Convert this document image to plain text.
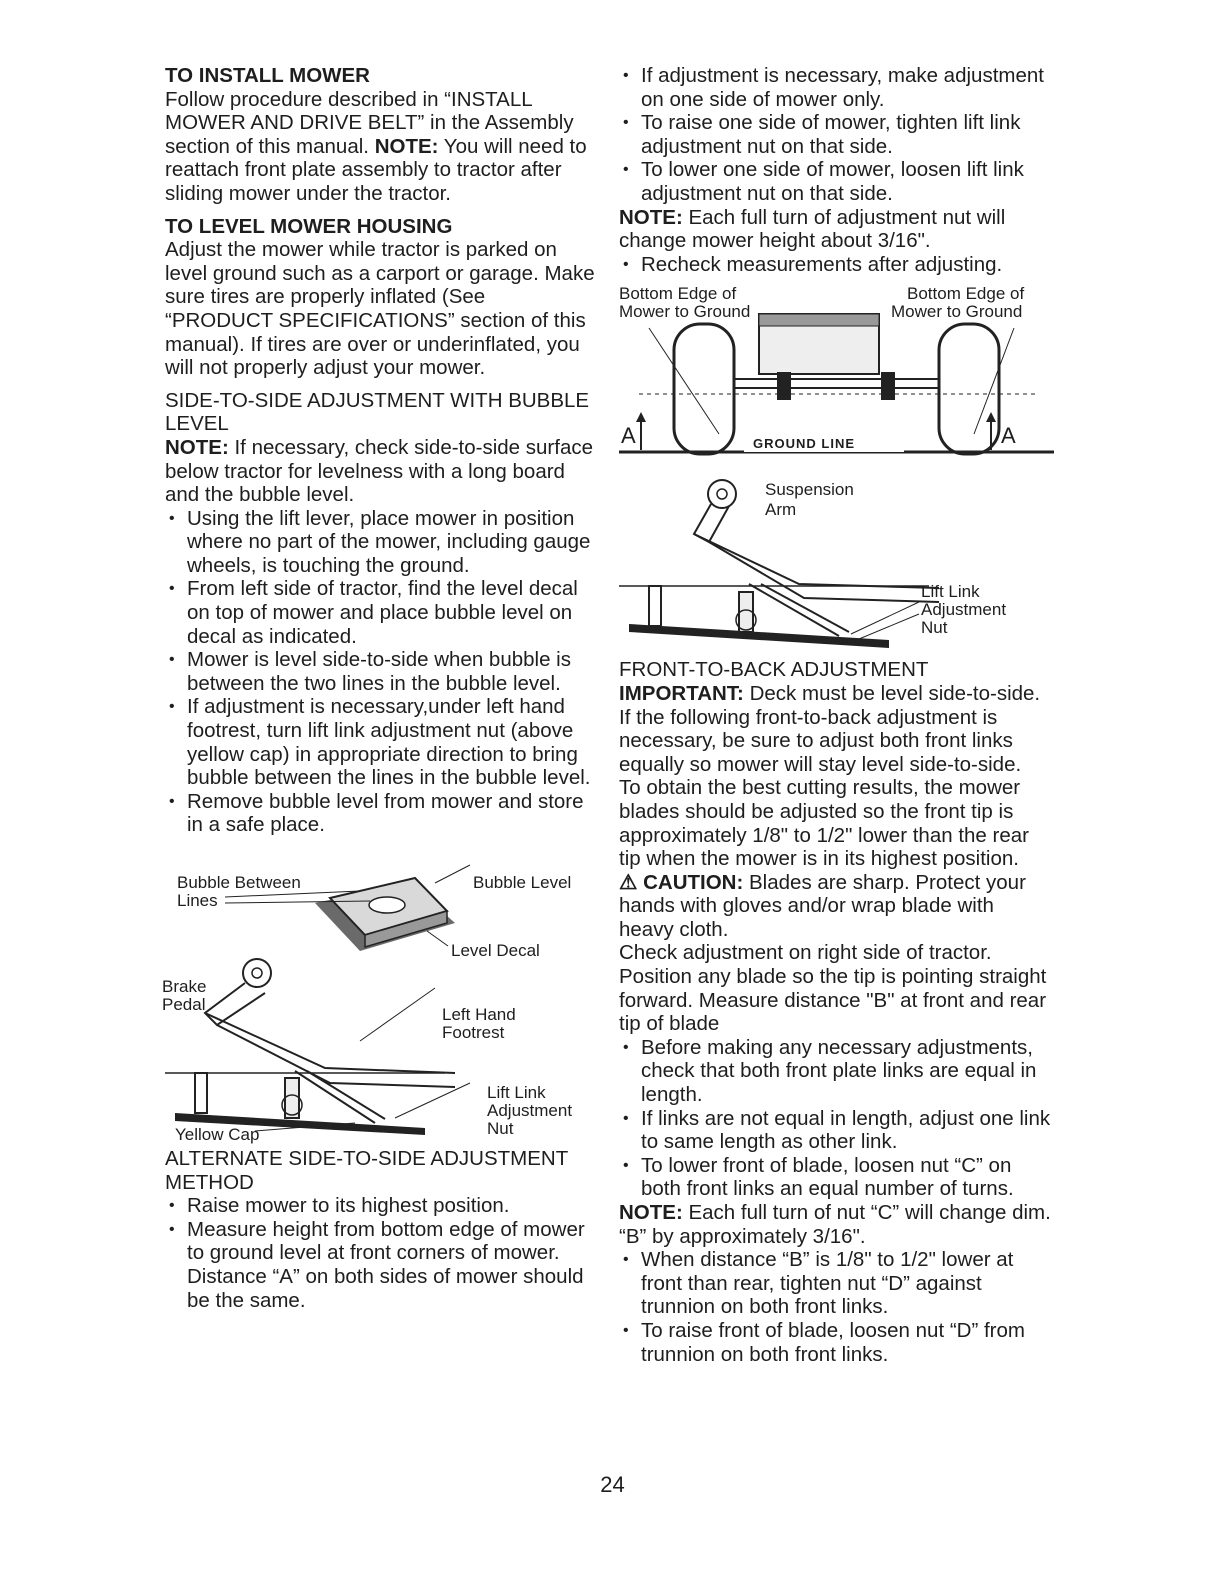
TO INSTALL MOWER

Follow procedure described in “INSTALL MOWER AND DRIVE BELT” in the Assembly section of this manual. NOTE: You will need to reattach front plate assembly to tractor after sliding mower under the tractor.

TO LEVEL MOWER HOUSING

Adjust the mower while tractor is parked on level ground such as a carport or garage. Make sure tires are properly inflated (See “PRODUCT SPECIFICATIONS” section of this manual). If tires are over or underinflated, you will not properly adjust your mower.

SIDE-TO-SIDE ADJUSTMENT WITH BUBBLE LEVEL

NOTE: If necessary, check side-to-side surface below tractor for levelness with a long board and the bubble level.

• Using the lift lever, place mower in position where no part of the mower, including gauge wheels, is touching the ground.
• From left side of tractor, find the level decal on top of mower and place bubble level on decal as indicated.
• Mower is level side-to-side when bubble is between the two lines in the bubble level.
• If adjustment is necessary,under left hand footrest, turn lift link adjustment nut (above yellow cap) in appropriate direction to bring bubble between the lines in the bubble level.
• Remove bubble level from mower and store in a safe place.
Bubble Between
Lines
Bubble Level
Level Decal
Brake
Pedal
Left Hand
Footrest
Lift Link
Adjustment
Nut
Yellow Cap

ALTERNATE SIDE-TO-SIDE ADJUSTMENT METHOD

• Raise mower to its highest position.
• Measure height from bottom edge of mower to ground level at front corners of mower. Distance “A” on both sides of mower should be the same.
• If adjustment is necessary, make adjustment on one side of mower only.
• To raise one side of mower, tighten lift link adjustment nut on that side.
• To lower one side of mower, loosen lift link adjustment nut on that side.

NOTE: Each full turn of adjustment nut will change mower height about 3/16".

• Recheck measurements after adjusting.
Bottom Edge of
Mower to Ground
Bottom Edge of
Mower to Ground
GROUND LINE
A	A
Suspension
Arm
Lift Link
Adjustment
Nut

FRONT-TO-BACK ADJUSTMENT

IMPORTANT: Deck must be level side-to-side. If the following front-to-back adjustment is necessary, be sure to adjust both front links equally so mower will stay level side-to-side.

To obtain the best cutting results, the mower blades should be adjusted so the front tip is approximately 1/8" to 1/2" lower than the rear tip when the mower is in its highest position.

⚠ CAUTION: Blades are sharp. Protect your hands with gloves and/or wrap blade with heavy cloth.

Check adjustment on right side of tractor. Position any blade so the tip is pointing straight forward. Measure distance "B" at front and rear tip of blade

• Before making any necessary adjustments, check that both front plate links are equal in length.
• If links are not equal in length, adjust one link to same length as other link.
• To lower front of blade, loosen nut “C” on both front links an equal number of turns.

NOTE: Each full turn of nut “C” will change dim. “B” by approximately 3/16".

• When distance “B” is 1/8" to 1/2" lower at front than rear, tighten nut “D” against trunnion on both front links.
• To raise front of blade, loosen nut “D” from trunnion on both front links.
24
